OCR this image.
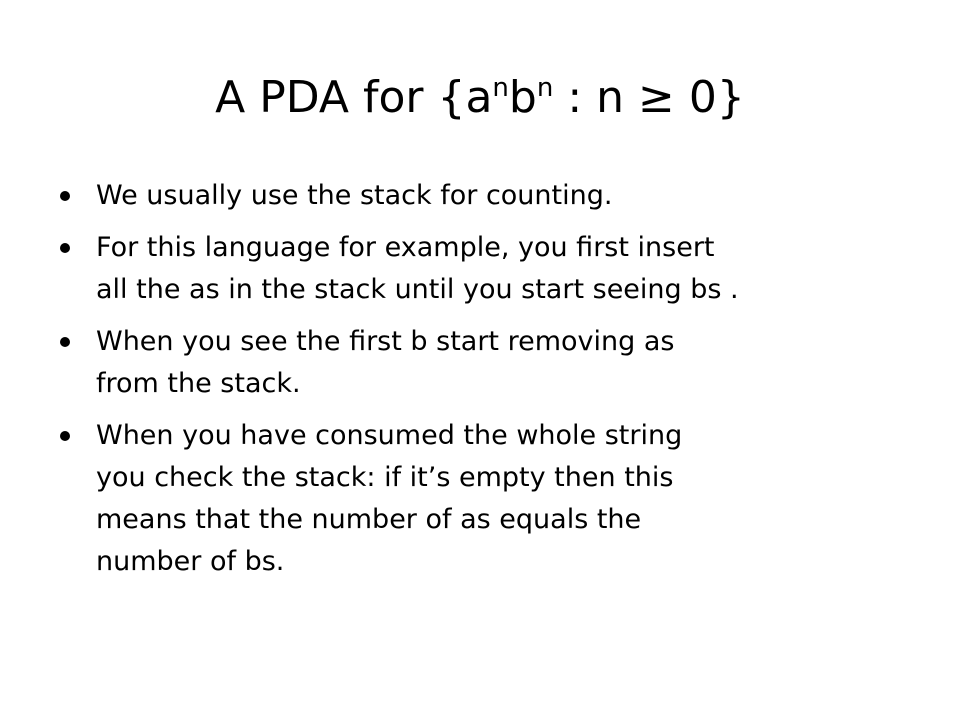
A PDA for {$a^nb^n$ : n ≥ 0}
We usually use the stack for counting.
For this language for example, you first insert
all the as in the stack until you start seeing bs .
When you see the first b start removing as
from the stack.
When you have consumed the whole string
you check the stack: if it’s empty then this
means that the number of as equals the
number of bs.
